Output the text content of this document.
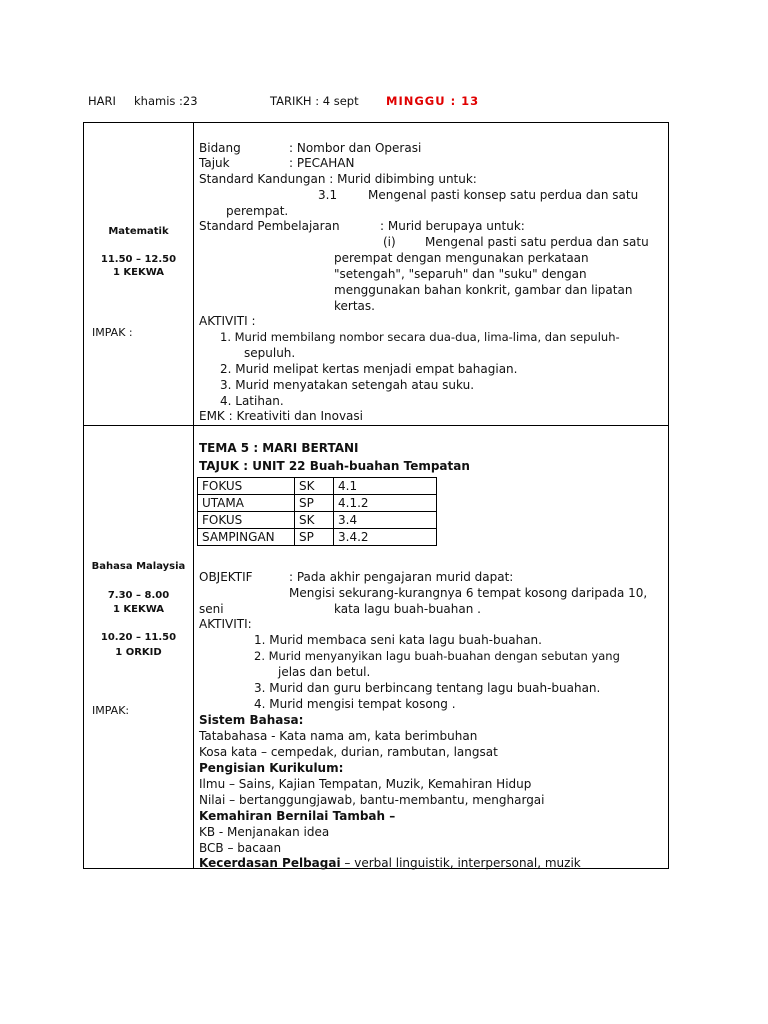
HARI khamis :23	TARIKH : 4 sept MINGGU : 13
Matematik
11.50 – 12.50
1 KEKWA
IMPAK :
Bidang	: Nombor dan Operasi
Tajuk	: PECAHAN
Standard Kandungan : Murid dibimbing untuk:
3.1	Mengenal pasti konsep satu perdua dan satu
perempat.
Standard Pembelajaran	: Murid berupaya untuk:
(i) Mengenal pasti satu perdua dan satu
perempat dengan mengunakan perkataan
"setengah", "separuh" dan "suku" dengan
menggunakan bahan konkrit, gambar dan lipatan
kertas.
AKTIVITI :
1. Murid membilang nombor secara dua-dua, lima-lima, dan sepuluh-
sepuluh.
2. Murid melipat kertas menjadi empat bahagian.
3. Murid menyatakan setengah atau suku.
4. Latihan.
EMK : Kreativiti dan Inovasi
Bahasa Malaysia
7.30 – 8.00
1 KEKWA
10.20 – 11.50
1 ORKID
IMPAK:
TEMA 5 : MARI BERTANI
TAJUK : UNIT 22 Buah-buahan Tempatan
FOKUS	SK	4.1
UTAMA	SP	4.1.2
FOKUS	SK	3.4
SAMPINGAN	SP	3.4.2
OBJEKTIF	: Pada akhir pengajaran murid dapat:
Mengisi sekurang-kurangnya 6 tempat kosong daripada 10,
seni	kata lagu buah-buahan .
AKTIVITI:
1. Murid membaca seni kata lagu buah-buahan.
2. Murid menyanyikan lagu buah-buahan dengan sebutan yang
jelas dan betul.
3. Murid dan guru berbincang tentang lagu buah-buahan.
4. Murid mengisi tempat kosong .
Sistem Bahasa:
Tatabahasa - Kata nama am, kata berimbuhan
Kosa kata – cempedak, durian, rambutan, langsat
Pengisian Kurikulum:
Ilmu – Sains, Kajian Tempatan, Muzik, Kemahiran Hidup
Nilai – bertanggungjawab, bantu-membantu, menghargai
Kemahiran Bernilai Tambah –
KB - Menjanakan idea
BCB – bacaan
Kecerdasan Pelbagai – verbal linguistik, interpersonal, muzik
